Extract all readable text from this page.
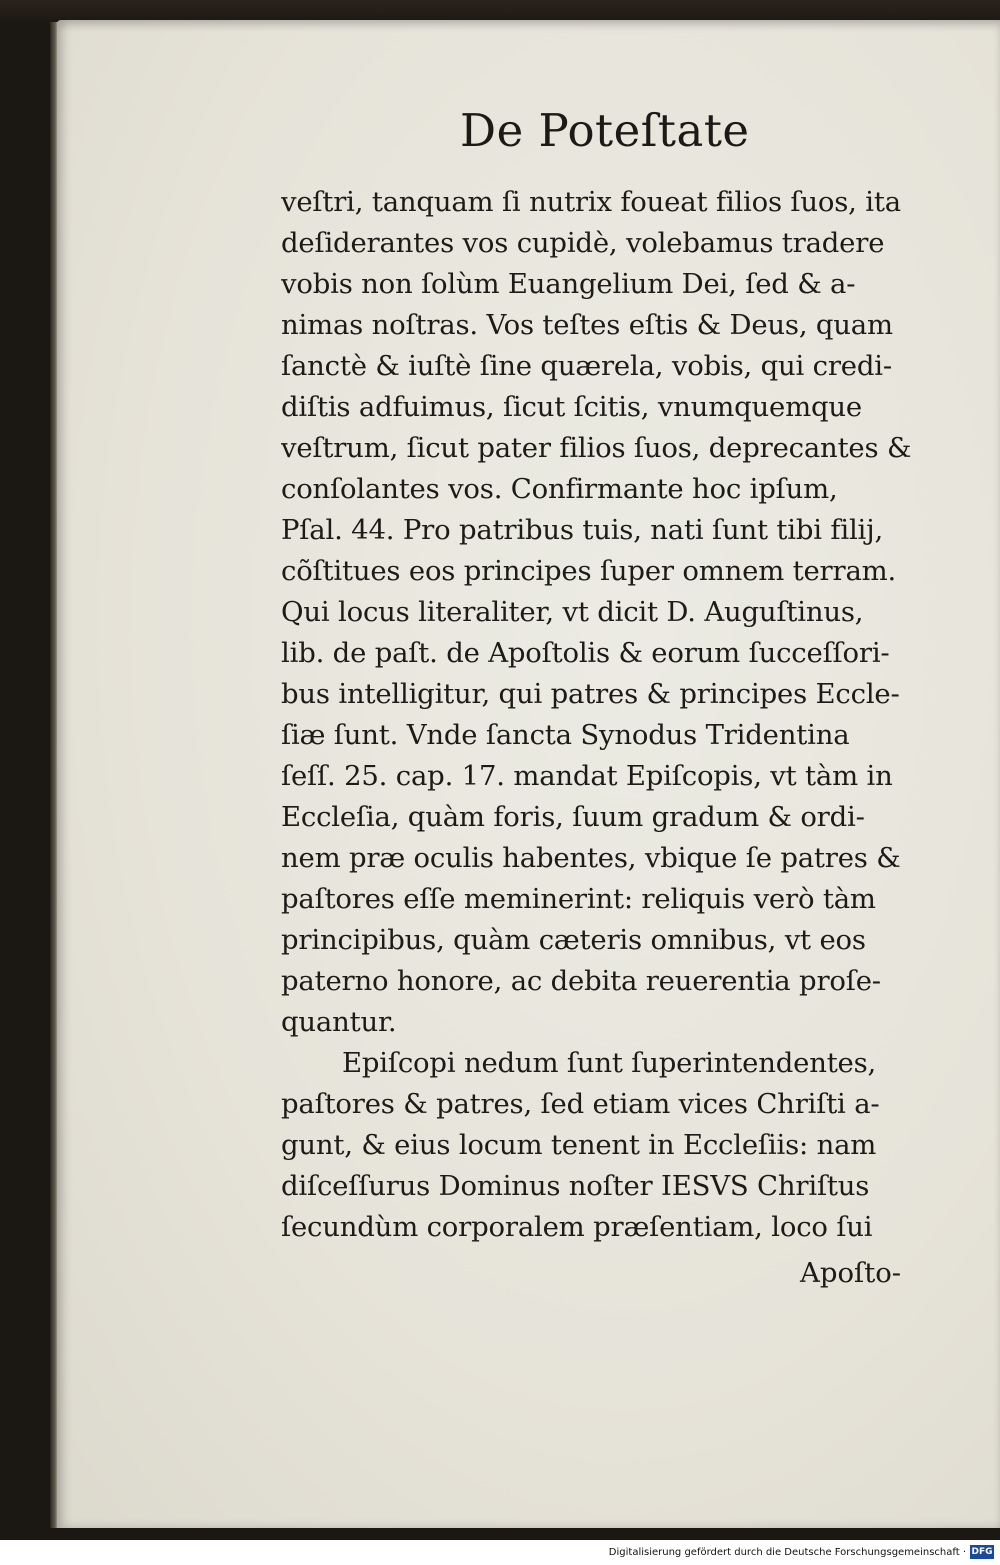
De Poteſtate
veſtri, tanquam ſi nutrix foueat filios ſuos, ita
deſiderantes vos cupidè, volebamus tradere
vobis non ſolùm Euangelium Dei, ſed & a-
nimas noſtras. Vos teſtes eſtis & Deus, quam
ſanctè & iuſtè ſine quærela, vobis, qui credi-
diſtis adfuimus, ſicut ſcitis, vnumquemque
veſtrum, ſicut pater filios ſuos, deprecantes &
conſolantes vos. Confirmante hoc ipſum,
Pſal. 44. Pro patribus tuis, nati ſunt tibi filij,
cõſtitues eos principes ſuper omnem terram.
Qui locus literaliter, vt dicit D. Auguſtinus,
lib. de paſt. de Apoſtolis & eorum ſucceſſori-
bus intelligitur, qui patres & principes Eccle-
ſiæ ſunt. Vnde ſancta Synodus Tridentina
ſeſſ. 25. cap. 17. mandat Epiſcopis, vt tàm in
Eccleſia, quàm foris, ſuum gradum & ordi-
nem præ oculis habentes, vbique ſe patres &
paſtores eſſe meminerint: reliquis verò tàm
principibus, quàm cæteris omnibus, vt eos
paterno honore, ac debita reuerentia proſe-
quantur.
Epiſcopi nedum ſunt ſuperintendentes,
paſtores & patres, ſed etiam vices Chriſti a-
gunt, & eius locum tenent in Eccleſiis: nam
diſceſſurus Dominus noſter IESVS Chriſtus
ſecundùm corporalem præſentiam, loco ſui
Apoſto-
Digitalisierung gefördert durch die Deutsche Forschungsgemeinschaft · DFG
